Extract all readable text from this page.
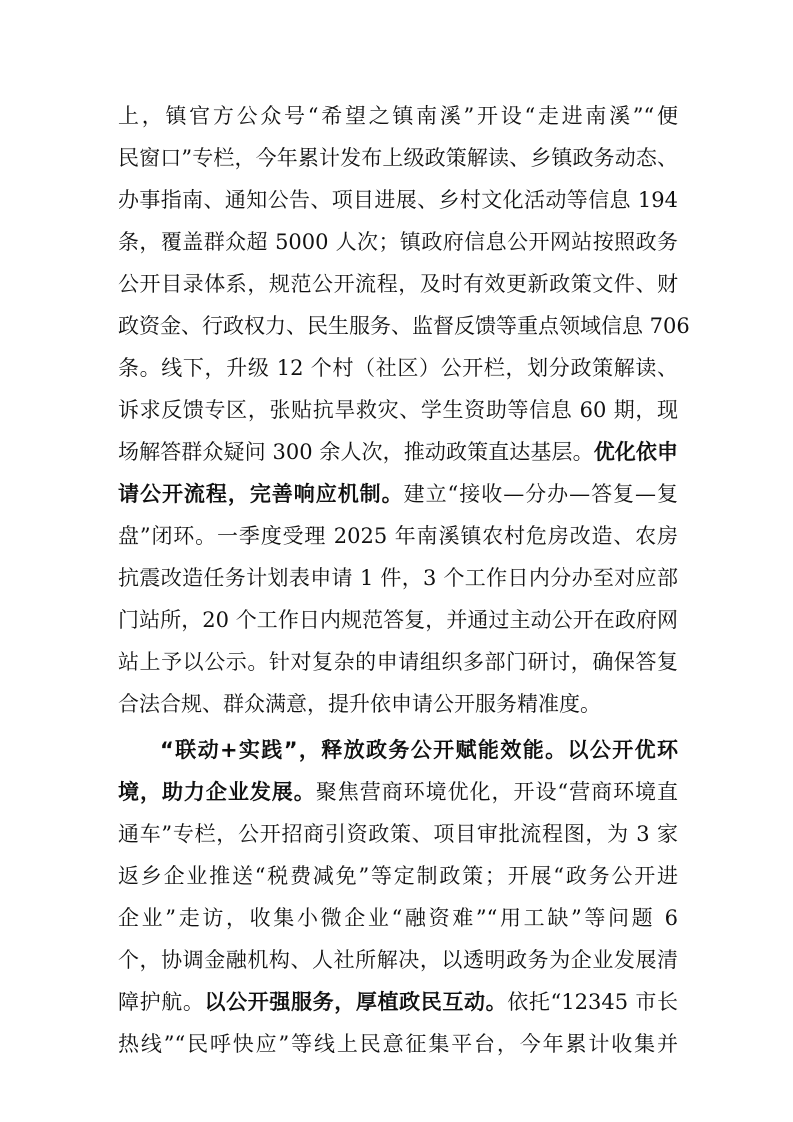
上，镇官方公众号“希望之镇南溪”开设“走进南溪”“便
民窗口”专栏，今年累计发布上级政策解读、乡镇政务动态、
办事指南、通知公告、项目进展、乡村文化活动等信息 194
条，覆盖群众超 5000 人次；镇政府信息公开网站按照政务
公开目录体系，规范公开流程，及时有效更新政策文件、财
政资金、行政权力、民生服务、监督反馈等重点领域信息 706
条。线下，升级 12 个村（社区）公开栏，划分政策解读、
诉求反馈专区，张贴抗旱救灾、学生资助等信息 60 期，现
场解答群众疑问 300 余人次，推动政策直达基层。优化依申
请公开流程，完善响应机制。建立“接收—分办—答复—复
盘”闭环。一季度受理 2025 年南溪镇农村危房改造、农房
抗震改造任务计划表申请 1 件，3 个工作日内分办至对应部
门站所，20 个工作日内规范答复，并通过主动公开在政府网
站上予以公示。针对复杂的申请组织多部门研讨，确保答复
合法合规、群众满意，提升依申请公开服务精准度。
“联动+实践”，释放政务公开赋能效能。以公开优环
境，助力企业发展。聚焦营商环境优化，开设“营商环境直
通车”专栏，公开招商引资政策、项目审批流程图，为 3 家
返乡企业推送“税费减免”等定制政策；开展“政务公开进
企业”走访，收集小微企业“融资难”“用工缺”等问题 6
个，协调金融机构、人社所解决，以透明政务为企业发展清
障护航。以公开强服务，厚植政民互动。依托“12345 市长
热线”“民呼快应”等线上民意征集平台，今年累计收集并
